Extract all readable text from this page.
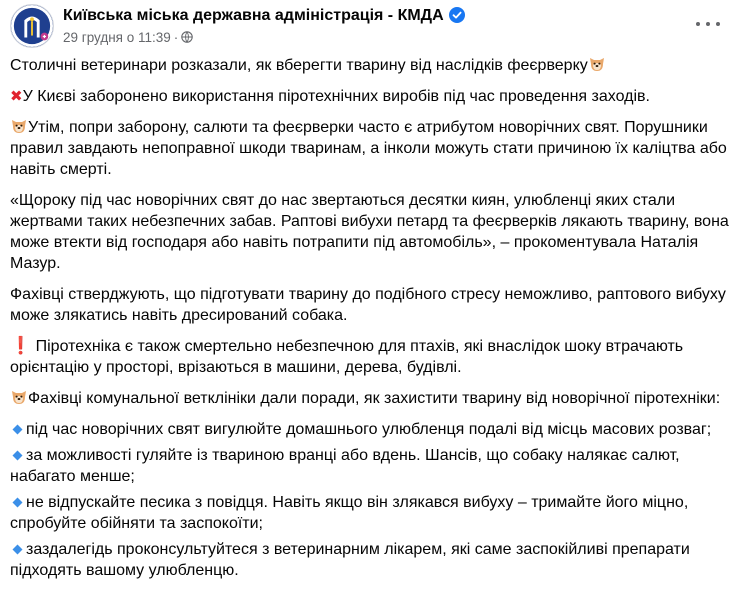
Київська міська державна адміністрація - КМДА
29 грудня о 11:39 ·

Столичні ветеринари розказали, як вберегти тварину від наслідків феєрверку

✖У Києві заборонено використання піротехнічних виробів під час проведення заходів.

Утім, попри заборону, салюти та феєрверки часто є атрибутом новорічних свят. Порушники правил завдають непоправної шкоди тваринам, а інколи можуть стати причиною їх каліцтва або навіть смерті.

«Щороку під час новорічних свят до нас звертаються десятки киян, улюбленці яких стали жертвами таких небезпечних забав. Раптові вибухи петард та феєрверків лякають тварину, вона може втекти від господаря або навіть потрапити під автомобіль», – прокоментувала Наталія Мазур.

Фахівці стверджують, що підготувати тварину до подібного стресу неможливо, раптового вибуху може злякатись навіть дресирований собака.

❗ Піротехніка є також смертельно небезпечною для птахів, які внаслідок шоку втрачають орієнтацію у просторі, врізаються в машини, дерева, будівлі.

Фахівці комунальної ветклініки дали поради, як захистити тварину від новорічної піротехніки:

під час новорічних свят вигулюйте домашнього улюбленця подалі від місць масових розваг;

за можливості гуляйте із твариною вранці або вдень. Шансів, що собаку налякає салют, набагато менше;

не відпускайте песика з повідця. Навіть якщо він злякався вибуху – тримайте його міцно, спробуйте обійняти та заспокоїти;

заздалегідь проконсультуйтеся з ветеринарним лікарем, які саме заспокійливі препарати підходять вашому улюбленцю.
